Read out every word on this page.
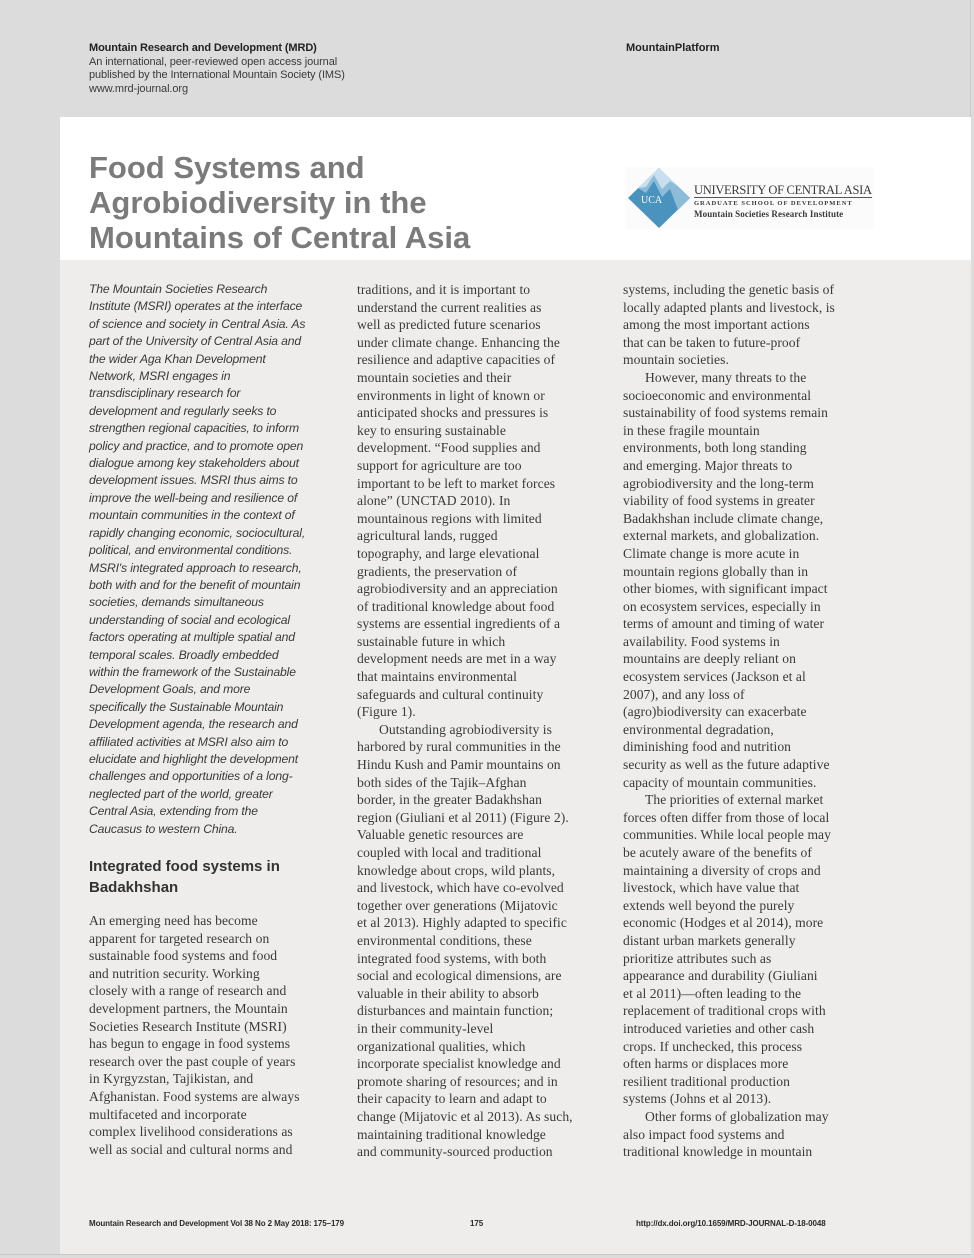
Mountain Research and Development (MRD)
An international, peer-reviewed open access journal
published by the International Mountain Society (IMS)
www.mrd-journal.org
MountainPlatform
Food Systems and
Agrobiodiversity in the
Mountains of Central Asia
UCA
UNIVERSITY OF CENTRAL ASIA
GRADUATE SCHOOL OF DEVELOPMENT
Mountain Societies Research Institute
The Mountain Societies Research
Institute (MSRI) operates at the interface
of science and society in Central Asia. As
part of the University of Central Asia and
the wider Aga Khan Development
Network, MSRI engages in
transdisciplinary research for
development and regularly seeks to
strengthen regional capacities, to inform
policy and practice, and to promote open
dialogue among key stakeholders about
development issues. MSRI thus aims to
improve the well-being and resilience of
mountain communities in the context of
rapidly changing economic, sociocultural,
political, and environmental conditions.
MSRI's integrated approach to research,
both with and for the benefit of mountain
societies, demands simultaneous
understanding of social and ecological
factors operating at multiple spatial and
temporal scales. Broadly embedded
within the framework of the Sustainable
Development Goals, and more
specifically the Sustainable Mountain
Development agenda, the research and
affiliated activities at MSRI also aim to
elucidate and highlight the development
challenges and opportunities of a long-
neglected part of the world, greater
Central Asia, extending from the
Caucasus to western China.
Integrated food systems in
Badakhshan
An emerging need has become
apparent for targeted research on
sustainable food systems and food
and nutrition security. Working
closely with a range of research and
development partners, the Mountain
Societies Research Institute (MSRI)
has begun to engage in food systems
research over the past couple of years
in Kyrgyzstan, Tajikistan, and
Afghanistan. Food systems are always
multifaceted and incorporate
complex livelihood considerations as
well as social and cultural norms and
traditions, and it is important to
understand the current realities as
well as predicted future scenarios
under climate change. Enhancing the
resilience and adaptive capacities of
mountain societies and their
environments in light of known or
anticipated shocks and pressures is
key to ensuring sustainable
development. “Food supplies and
support for agriculture are too
important to be left to market forces
alone” (UNCTAD 2010). In
mountainous regions with limited
agricultural lands, rugged
topography, and large elevational
gradients, the preservation of
agrobiodiversity and an appreciation
of traditional knowledge about food
systems are essential ingredients of a
sustainable future in which
development needs are met in a way
that maintains environmental
safeguards and cultural continuity
(Figure 1).
Outstanding agrobiodiversity is
harbored by rural communities in the
Hindu Kush and Pamir mountains on
both sides of the Tajik–Afghan
border, in the greater Badakhshan
region (Giuliani et al 2011) (Figure 2).
Valuable genetic resources are
coupled with local and traditional
knowledge about crops, wild plants,
and livestock, which have co-evolved
together over generations (Mijatovic
et al 2013). Highly adapted to specific
environmental conditions, these
integrated food systems, with both
social and ecological dimensions, are
valuable in their ability to absorb
disturbances and maintain function;
in their community-level
organizational qualities, which
incorporate specialist knowledge and
promote sharing of resources; and in
their capacity to learn and adapt to
change (Mijatovic et al 2013). As such,
maintaining traditional knowledge
and community-sourced production
systems, including the genetic basis of
locally adapted plants and livestock, is
among the most important actions
that can be taken to future-proof
mountain societies.
However, many threats to the
socioeconomic and environmental
sustainability of food systems remain
in these fragile mountain
environments, both long standing
and emerging. Major threats to
agrobiodiversity and the long-term
viability of food systems in greater
Badakhshan include climate change,
external markets, and globalization.
Climate change is more acute in
mountain regions globally than in
other biomes, with significant impact
on ecosystem services, especially in
terms of amount and timing of water
availability. Food systems in
mountains are deeply reliant on
ecosystem services (Jackson et al
2007), and any loss of
(agro)biodiversity can exacerbate
environmental degradation,
diminishing food and nutrition
security as well as the future adaptive
capacity of mountain communities.
The priorities of external market
forces often differ from those of local
communities. While local people may
be acutely aware of the benefits of
maintaining a diversity of crops and
livestock, which have value that
extends well beyond the purely
economic (Hodges et al 2014), more
distant urban markets generally
prioritize attributes such as
appearance and durability (Giuliani
et al 2011)—often leading to the
replacement of traditional crops with
introduced varieties and other cash
crops. If unchecked, this process
often harms or displaces more
resilient traditional production
systems (Johns et al 2013).
Other forms of globalization may
also impact food systems and
traditional knowledge in mountain
Mountain Research and Development Vol 38 No 2 May 2018: 175–179	175	http://dx.doi.org/10.1659/MRD-JOURNAL-D-18-0048
